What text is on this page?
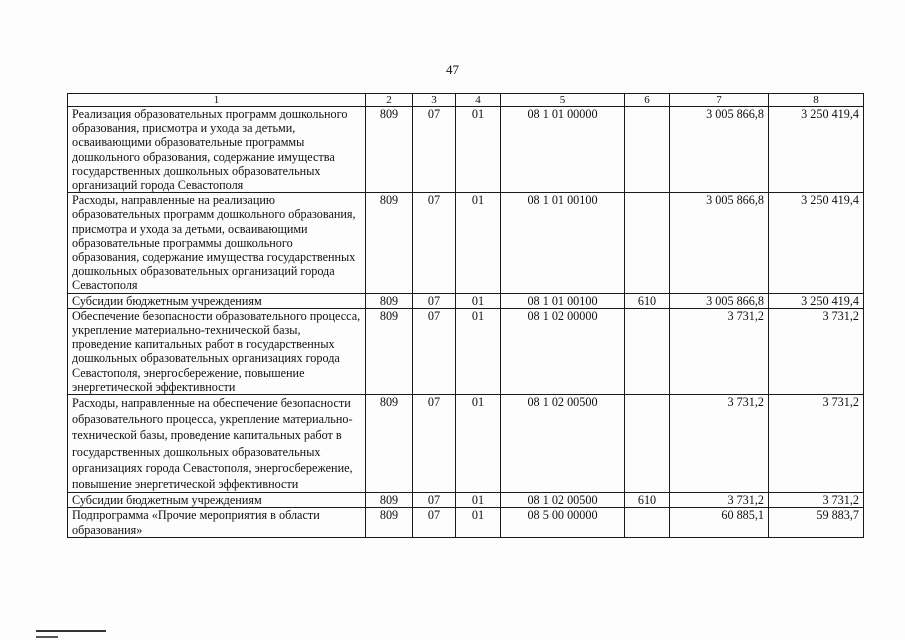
47
1	2	3	4	5	6	7	8
Реализация образовательных программ дошкольного образования, присмотра и ухода за детьми, осваивающими образовательные программы дошкольного образования, содержание имущества государственных дошкольных образовательных организаций города Севастополя	809	07	01	08 1 01 00000		3 005 866,8	3 250 419,4
Расходы, направленные на реализацию образовательных программ дошкольного образования, присмотра и ухода за детьми, осваивающими образовательные программы дошкольного образования, содержание имущества государственных дошкольных образовательных организаций города Севастополя	809	07	01	08 1 01 00100		3 005 866,8	3 250 419,4
Субсидии бюджетным учреждениям	809	07	01	08 1 01 00100	610	3 005 866,8	3 250 419,4
Обеспечение безопасности образовательного процесса, укрепление материально-технической базы, проведение капитальных работ в государственных дошкольных образовательных организациях города Севастополя, энергосбережение, повышение энергетической эффективности	809	07	01	08 1 02 00000		3 731,2	3 731,2
Расходы, направленные на обеспечение безопасности образовательного процесса, укрепление материально-технической базы, проведение капитальных работ в государственных дошкольных образовательных организациях города Севастополя, энергосбережение, повышение энергетической эффективности	809	07	01	08 1 02 00500		3 731,2	3 731,2
Субсидии бюджетным учреждениям	809	07	01	08 1 02 00500	610	3 731,2	3 731,2
Подпрограмма «Прочие мероприятия в области образования»	809	07	01	08 5 00 00000		60 885,1	59 883,7
